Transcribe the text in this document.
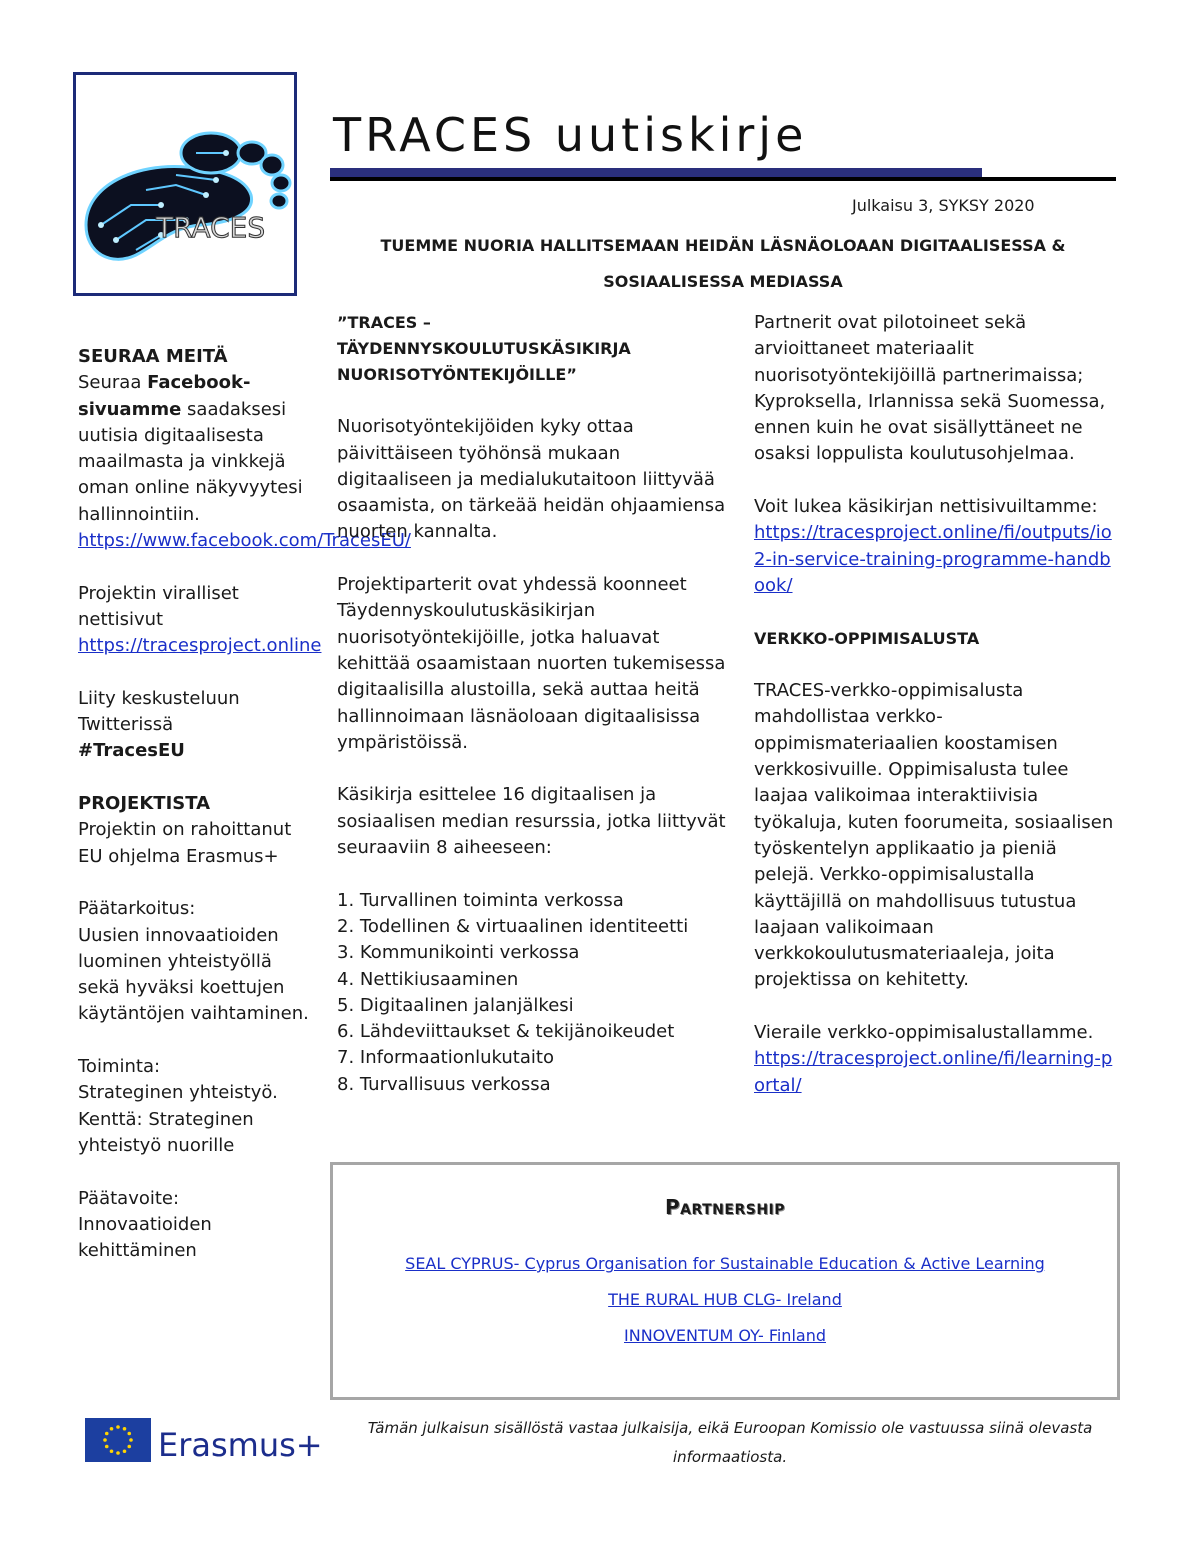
TRACES
TRACES uutiskirje
Julkaisu 3, SYKSY 2020
TUEMME NUORIA HALLITSEMAAN HEIDÄN LÄSNÄOLOAAN DIGITAALISESSA & SOSIAALISESSA MEDIASSA

SEURAA MEITÄ
Seuraa Facebook-sivuamme saadaksesi uutisia digitaalisesta maailmasta ja vinkkejä oman online näkyvyytesi hallinnointiin.
https://www.facebook.com/TracesEU/

Projektin viralliset nettisivut
https://tracesproject.online

Liity keskusteluun Twitterissä
#TracesEU

PROJEKTISTA
Projektin on rahoittanut EU ohjelma Erasmus+

Päätarkoitus:
Uusien innovaatioiden luominen yhteistyöllä sekä hyväksi koettujen käytäntöjen vaihtaminen.

Toiminta:
Strateginen yhteistyö.
Kenttä: Strateginen yhteistyö nuorille

Päätavoite:
Innovaatioiden kehittäminen

”TRACES – TÄYDENNYSKOULUTUSKÄSIKIRJA NUORISOTYÖNTEKIJÖILLE”

Nuorisotyöntekijöiden kyky ottaa päivittäiseen työhönsä mukaan digitaaliseen ja medialukutaitoon liittyvää osaamista, on tärkeää heidän ohjaamiensa nuorten kannalta.

Projektiparterit ovat yhdessä koonneet Täydennyskoulutuskäsikirjan nuorisotyöntekijöille, jotka haluavat kehittää osaamistaan nuorten tukemisessa digitaalisilla alustoilla, sekä auttaa heitä hallinnoimaan läsnäoloaan digitaalisissa ympäristöissä.

Käsikirja esittelee 16 digitaalisen ja sosiaalisen median resurssia, jotka liittyvät seuraaviin 8 aiheeseen:

1. Turvallinen toiminta verkossa
2. Todellinen & virtuaalinen identiteetti
3. Kommunikointi verkossa
4. Nettikiusaaminen
5. Digitaalinen jalanjälkesi
6. Lähdeviittaukset & tekijänoikeudet
7. Informaationlukutaito
8. Turvallisuus verkossa

Partnerit ovat pilotoineet sekä arvioittaneet materiaalit nuorisotyöntekijöillä partnerimaissa; Kyproksella, Irlannissa sekä Suomessa, ennen kuin he ovat sisällyttäneet ne osaksi loppulista koulutusohjelmaa.

Voit lukea käsikirjan nettisivuiltamme:
https://tracesproject.online/fi/outputs/io2-in-service-training-programme-handbook/

VERKKO-OPPIMISALUSTA

TRACES-verkko-oppimisalusta mahdollistaa verkko-oppimismateriaalien koostamisen verkkosivuille. Oppimisalusta tulee laajaa valikoimaa interaktiivisia työkaluja, kuten foorumeita, sosiaalisen työskentelyn applikaatio ja pieniä pelejä. Verkko-oppimisalustalla käyttäjillä on mahdollisuus tutustua laajaan valikoimaan verkkokoulutusmateriaaleja, joita projektissa on kehitetty.

Vieraile verkko-oppimisalustallamme.
https://tracesproject.online/fi/learning-portal/

Partnership
SEAL CYPRUS- Cyprus Organisation for Sustainable Education & Active Learning
THE RURAL HUB CLG- Ireland
INNOVENTUM OY- Finland
Erasmus+	Tämän julkaisun sisällöstä vastaa julkaisija, eikä Euroopan Komissio ole vastuussa siinä olevasta informaatiosta.
